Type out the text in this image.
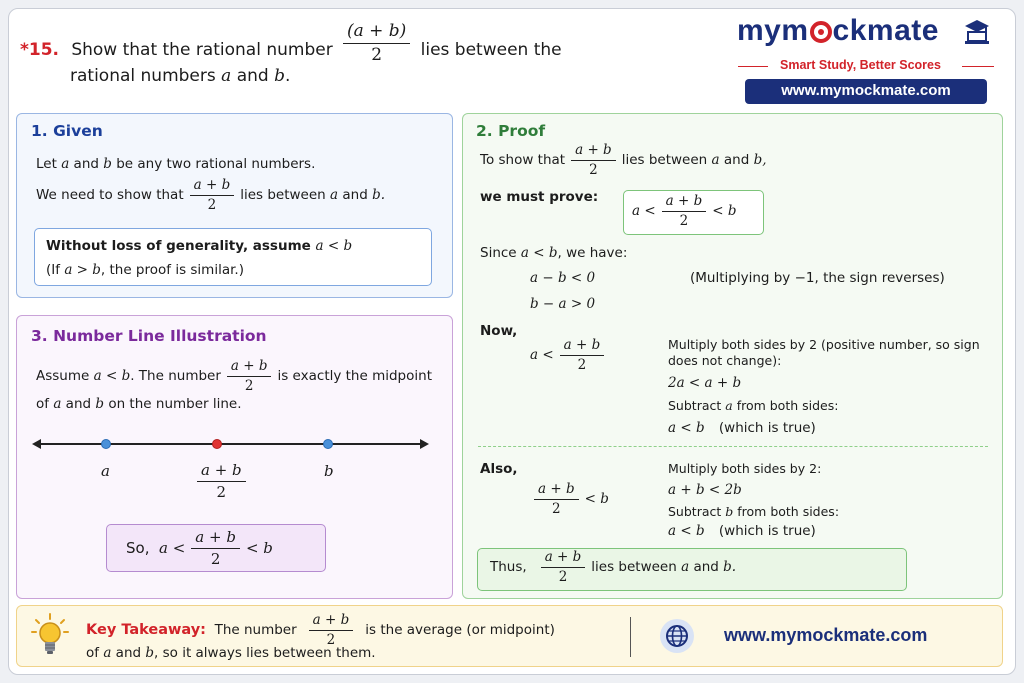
*15. Show that the rational number $\frac{(a + b)}{2}$ lies between the
rational numbers a and b.
mym ckmate
Smart Study, Better Scores
www.mymockmate.com
1. Given
Let a and b be any two rational numbers.
We need to show that $\frac{a + b}{2}$ lies between
a
and
b.
Without loss of generality, assume a < b
(If a > b, the proof is similar.)
3. Number Line Illustration
Assume
a < b . The number $\frac{a + b}{2}$ is exactly the midpoint
of a and b on the number line.
a	$\frac{a + b}{2}$	b
So,
$a < \frac{a + b}{2} < b$
2. Proof
To show that $\frac{a + b}{2}$ lies between
a
and
b,
we must prove:
$a < \frac{a + b}{2} < b$
Since a < b, we have:
a − b < 0	(Multiplying by −1, the sign reverses)
b − a > 0
Now,
$a < \frac{a + b}{2}$	Multiply both sides by 2 (positive number, so sign does not change):
2a < a + b
Subtract a from both sides:
a < b (which is true)
Also,
$\frac{a + b}{2} < b$
Multiply both sides by 2:
a + b < 2b
Subtract b from both sides:
a < b (which is true)
Thus, $\frac{a + b}{2}$ lies between
a
and
b.
Key Takeaway:
The number $\frac{a + b}{2}$ is the average (or midpoint)
of a and b, so it always lies between them.
www.mymockmate.com
